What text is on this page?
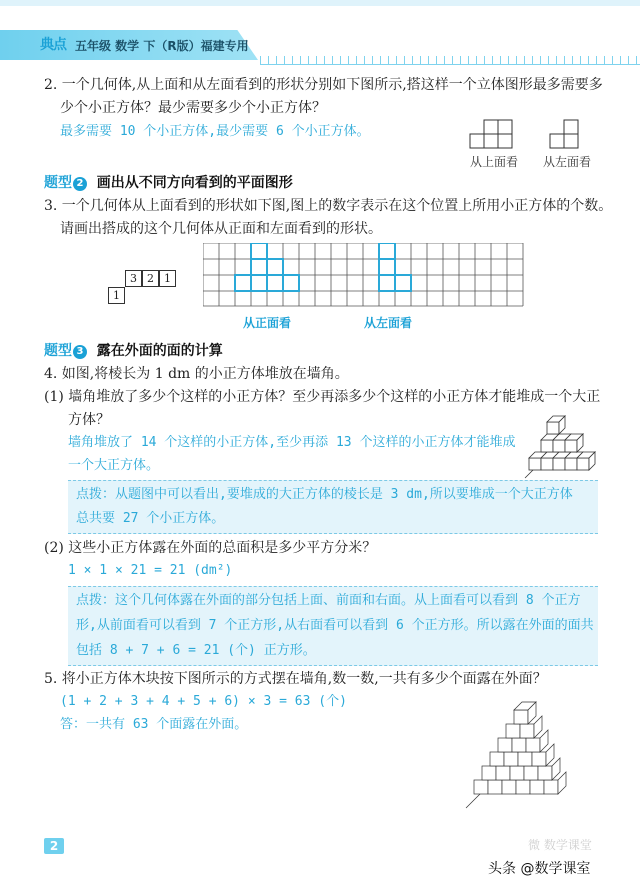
典点 五年级 数学 下（R版）福建专用
2. 一个几何体,从上面和从左面看到的形状分别如下图所示,搭这样一个立体图形最多需要多
少个小正方体？最少需要多少个小正方体？
最多需要 10 个小正方体,最少需要 6 个小正方体。
从上面看 从左面看
题型 2 画出从不同方向看到的平面图形
3. 一个几何体从上面看到的形状如下图,图上的数字表示在这个位置上所用小正方体的个数。
请画出搭成的这个几何体从正面和左面看到的形状。
3 2 1
1
从正面看	从左面看
题型 3 露在外面的面的计算
4. 如图,将棱长为 1 dm 的小正方体堆放在墙角。
(1) 墙角堆放了多少个这样的小正方体？至少再添多少个这样的小正方体才能堆成一个大正
方体？
墙角堆放了 14 个这样的小正方体,至少再添 13 个这样的小正方体才能堆成
一个大正方体。
点拨：从题图中可以看出,要堆成的大正方体的棱长是 3 dm,所以要堆成一个大正方体
总共要 27 个小正方体。
(2) 这些小正方体露在外面的总面积是多少平方分米？
1 × 1 × 21 = 21 (dm²)
点拨：这个几何体露在外面的部分包括上面、前面和右面。从上面看可以看到 8 个正方
形,从前面看可以看到 7 个正方形,从右面看可以看到 6 个正方形。所以露在外面的面共
包括 8 + 7 + 6 = 21 (个) 正方形。
5. 将小正方体木块按下图所示的方式摆在墙角,数一数,一共有多少个面露在外面？
(1 + 2 + 3 + 4 + 5 + 6) × 3 = 63 (个)
答：一共有 63 个面露在外面。
2	微 数学课堂
头条 @数学课室
